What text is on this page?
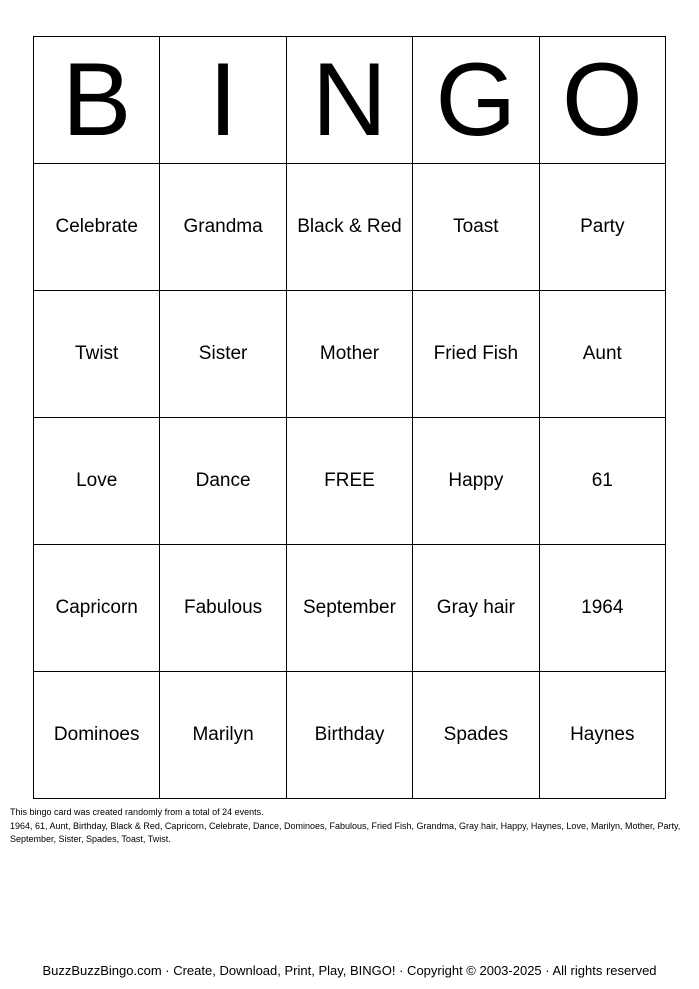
B	I	N	G	O
Celebrate	Grandma	Black & Red	Toast	Party
Twist	Sister	Mother	Fried Fish	Aunt
Love	Dance	FREE	Happy	61
Capricorn	Fabulous	September	Gray hair	1964
Dominoes	Marilyn	Birthday	Spades	Haynes

This bingo card was created randomly from a total of 24 events.

1964, 61, Aunt, Birthday, Black & Red, Capricorn, Celebrate, Dance, Dominoes, Fabulous, Fried Fish, Grandma, Gray hair, Happy, Haynes, Love, Marilyn, Mother, Party, September, Sister, Spades, Toast, Twist.

BuzzBuzzBingo.com · Create, Download, Print, Play, BINGO! · Copyright © 2003-2025 · All rights reserved
